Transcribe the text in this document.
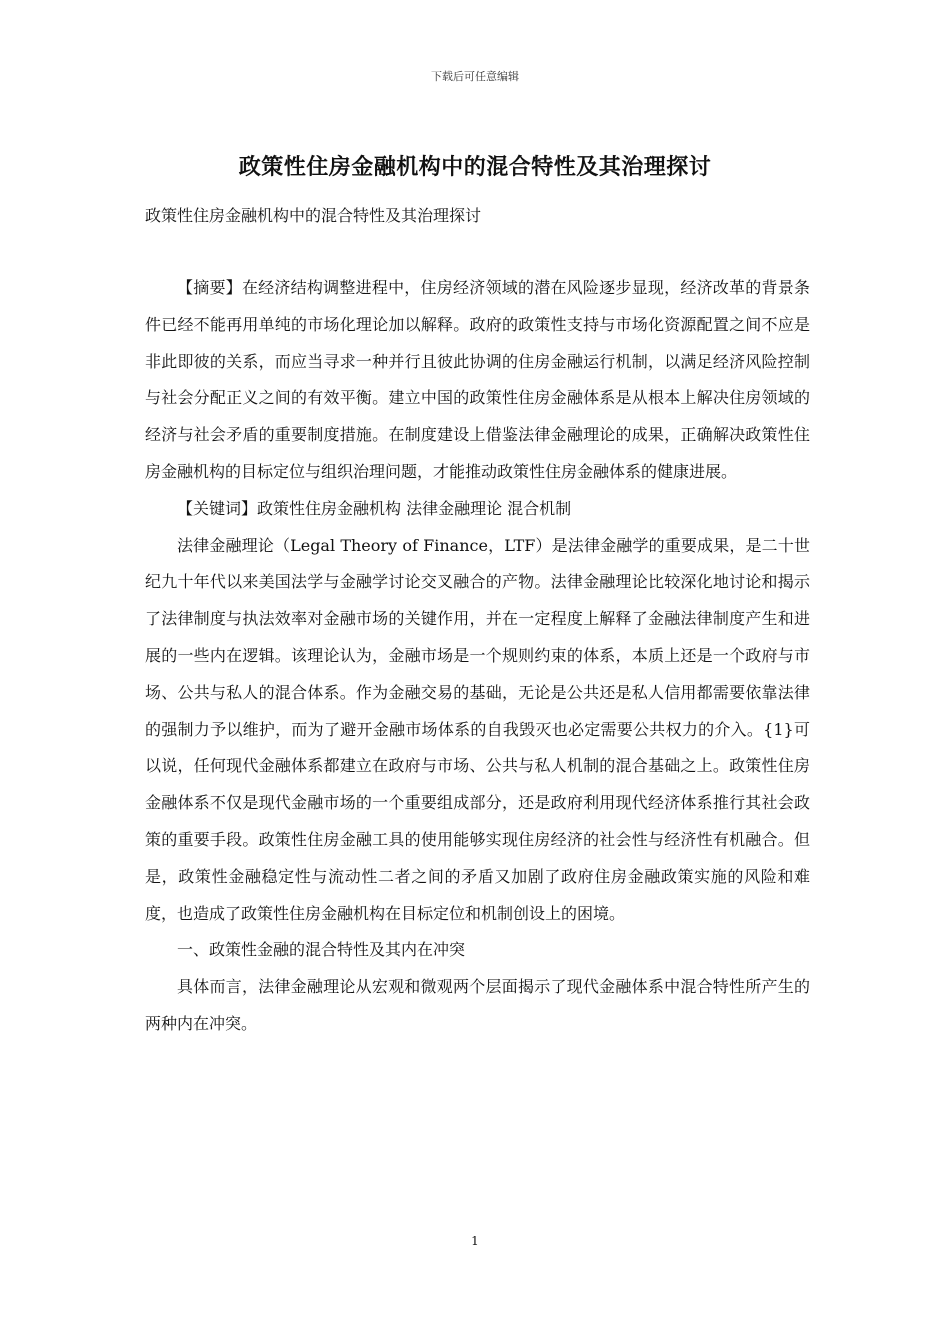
下载后可任意编辑
政策性住房金融机构中的混合特性及其治理探讨
政策性住房金融机构中的混合特性及其治理探讨

【摘要】在经济结构调整进程中，住房经济领域的潜在风险逐步显现，经济改革的背景条件已经不能再用单纯的市场化理论加以解释。政府的政策性支持与市场化资源配置之间不应是非此即彼的关系，而应当寻求一种并行且彼此协调的住房金融运行机制，以满足经济风险控制与社会分配正义之间的有效平衡。建立中国的政策性住房金融体系是从根本上解决住房领域的经济与社会矛盾的重要制度措施。在制度建设上借鉴法律金融理论的成果，正确解决政策性住房金融机构的目标定位与组织治理问题，才能推动政策性住房金融体系的健康进展。

【关键词】政策性住房金融机构 法律金融理论 混合机制

法律金融理论（Legal Theory of Finance，LTF）是法律金融学的重要成果，是二十世纪九十年代以来美国法学与金融学讨论交叉融合的产物。法律金融理论比较深化地讨论和揭示了法律制度与执法效率对金融市场的关键作用，并在一定程度上解释了金融法律制度产生和进展的一些内在逻辑。该理论认为，金融市场是一个规则约束的体系，本质上还是一个政府与市场、公共与私人的混合体系。作为金融交易的基础，无论是公共还是私人信用都需要依靠法律的强制力予以维护，而为了避开金融市场体系的自我毁灭也必定需要公共权力的介入。{1}可以说，任何现代金融体系都建立在政府与市场、公共与私人机制的混合基础之上。政策性住房金融体系不仅是现代金融市场的一个重要组成部分，还是政府利用现代经济体系推行其社会政策的重要手段。政策性住房金融工具的使用能够实现住房经济的社会性与经济性有机融合。但是，政策性金融稳定性与流动性二者之间的矛盾又加剧了政府住房金融政策实施的风险和难度，也造成了政策性住房金融机构在目标定位和机制创设上的困境。

一、政策性金融的混合特性及其内在冲突

具体而言，法律金融理论从宏观和微观两个层面揭示了现代金融体系中混合特性所产生的两种内在冲突。

1
